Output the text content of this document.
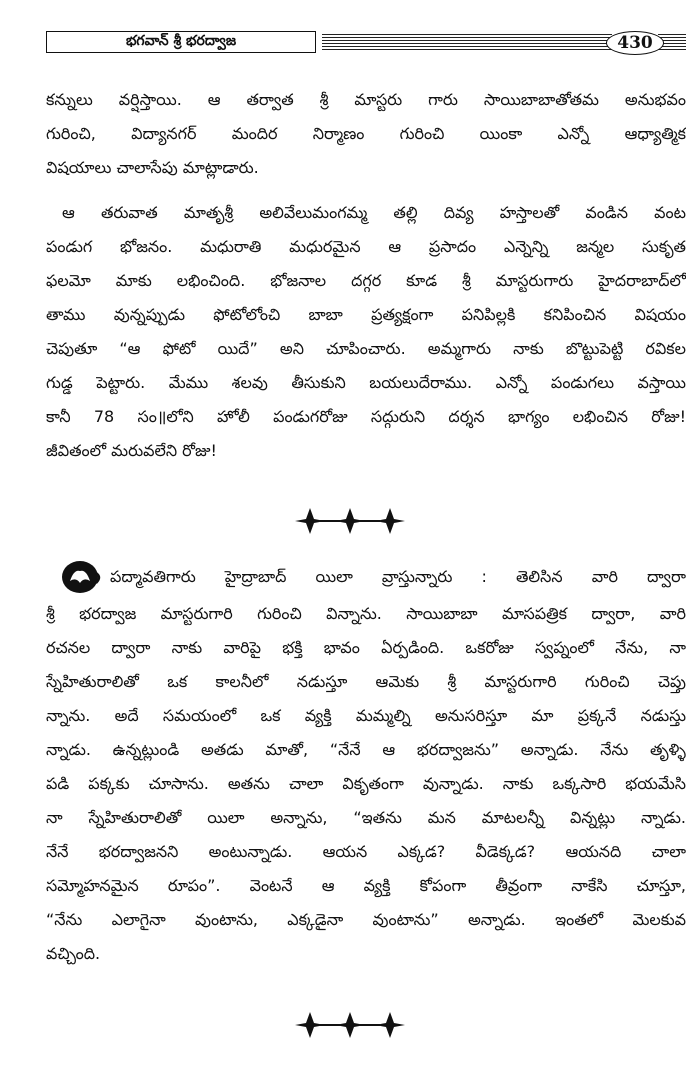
భగవాన్ శ్రీ భరద్వాజ	430
కన్నులు వర్షిస్తాయి. ఆ తర్వాత శ్రీ మాస్టరు గారు సాయిబాబాతోతమ అనుభవం
గురించి, విద్యానగర్ మందిర నిర్మాణం గురించి యింకా ఎన్నో ఆధ్యాత్మిక
విషయాలు చాలాసేపు మాట్లాడారు.
ఆ తరువాత మాతృశ్రీ అలివేలుమంగమ్మ తల్లి దివ్య హస్తాలతో వండిన వంట
పండుగ భోజనం. మధురాతి మధురమైన ఆ ప్రసాదం ఎన్నెన్ని జన్మల సుకృత
ఫలమో మాకు లభించింది. భోజనాల దగ్గర కూడ శ్రీ మాస్టరుగారు హైదరాబాద్‌లో
తాము వున్నప్పుడు ఫోటోలోంచి బాబా ప్రత్యక్షంగా పనిపిల్లకి కనిపించిన విషయం
చెపుతూ “ఆ ఫోటో యిదే” అని చూపించారు. అమ్మగారు నాకు బొట్టుపెట్టి రవికల
గుడ్డ పెట్టారు. మేము శలవు తీసుకుని బయలుదేరాము. ఎన్నో పండుగలు వస్తాయి
కానీ 78 సం॥లోని హోలీ పండుగరోజు సద్గురుని దర్శన భాగ్యం లభించిన రోజు!
జీవితంలో మరువలేని రోజు!
పద్మావతిగారు హైద్రాబాద్ యిలా వ్రాస్తున్నారు : తెలిసిన వారి ద్వారా
శ్రీ భరద్వాజ మాస్టరుగారి గురించి విన్నాను. సాయిబాబా మాసపత్రిక ద్వారా, వారి
రచనల ద్వారా నాకు వారిపై భక్తి భావం ఏర్పడింది. ఒకరోజు స్వప్నంలో నేను, నా
స్నేహితురాలితో ఒక కాలనీలో నడుస్తూ ఆమెకు శ్రీ మాస్టరుగారి గురించి చెప్తు
న్నాను. అదే సమయంలో ఒక వ్యక్తి మమ్మల్ని అనుసరిస్తూ మా ప్రక్కనే నడుస్తు
న్నాడు. ఉన్నట్లుండి అతడు మాతో, “నేనే ఆ భరద్వాజను” అన్నాడు. నేను తృళ్ళి
పడి పక్కకు చూసాను. అతను చాలా వికృతంగా వున్నాడు. నాకు ఒక్కసారి భయమేసి
నా స్నేహితురాలితో యిలా అన్నాను, “ఇతను మన మాటలన్నీ విన్నట్లు న్నాడు.
నేనే భరద్వాజనని అంటున్నాడు. ఆయన ఎక్కడ? వీడెక్కడ? ఆయనది చాలా
సమ్మోహనమైన రూపం”. వెంటనే ఆ వ్యక్తి కోపంగా తీవ్రంగా నాకేసి చూస్తూ,
“నేను ఎలాగైనా వుంటాను, ఎక్కడైనా వుంటాను” అన్నాడు. ఇంతలో మెలకువ
వచ్చింది.
